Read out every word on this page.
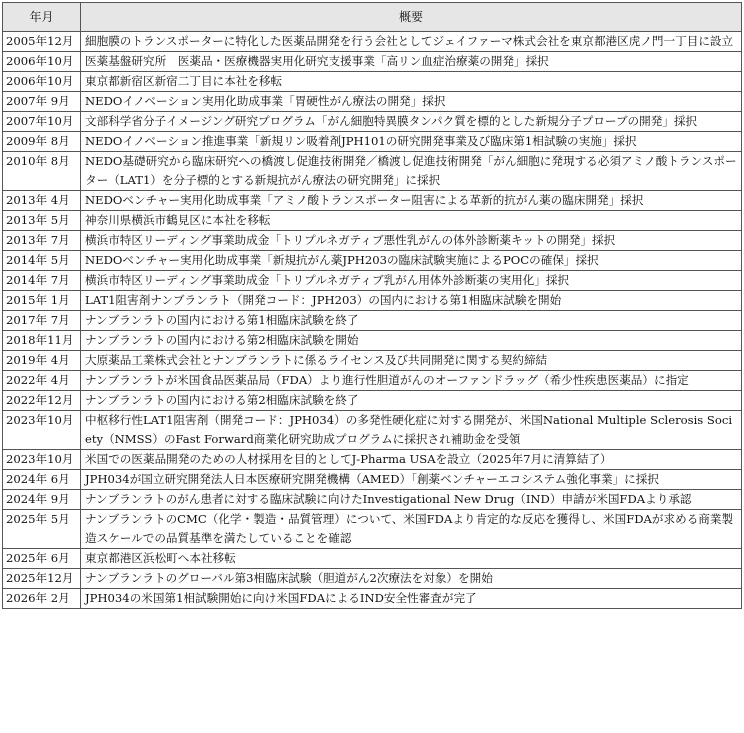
年月	概要
2005年12月	細胞膜のトランスポーターに特化した医薬品開発を行う会社としてジェイファーマ株式会社を東京都港区虎ノ門一丁目に設立
2006年10月	医薬基盤研究所　医薬品・医療機器実用化研究支援事業「高リン血症治療薬の開発」採択
2006年10月	東京都新宿区新宿二丁目に本社を移転
2007年 9月	NEDOイノベーション実用化助成事業「胃硬性がん療法の開発」採択
2007年10月	文部科学省分子イメージング研究プログラム「がん細胞特異膜タンパク質を標的とした新規分子プローブの開発」採択
2009年 8月	NEDOイノベーション推進事業「新規リン吸着剤JPH101の研究開発事業及び臨床第1相試験の実施」採択
2010年 8月	NEDO基礎研究から臨床研究への橋渡し促進技術開発／橋渡し促進技術開発「がん細胞に発現する必須アミノ酸トランスポーター（LAT1）を分子標的とする新規抗がん療法の研究開発」に採択
2013年 4月	NEDOベンチャー実用化助成事業「アミノ酸トランスポーター阻害による革新的抗がん薬の臨床開発」採択
2013年 5月	神奈川県横浜市鶴見区に本社を移転
2013年 7月	横浜市特区リーディング事業助成金「トリプルネガティブ悪性乳がんの体外診断薬キットの開発」採択
2014年 5月	NEDOベンチャー実用化助成事業「新規抗がん薬JPH203の臨床試験実施によるPOCの確保」採択
2014年 7月	横浜市特区リーディング事業助成金「トリプルネガティブ乳がん用体外診断薬の実用化」採択
2015年 1月	LAT1阻害剤ナンブランラト（開発コード：JPH203）の国内における第1相臨床試験を開始
2017年 7月	ナンブランラトの国内における第1相臨床試験を終了
2018年11月	ナンブランラトの国内における第2相臨床試験を開始
2019年 4月	大原薬品工業株式会社とナンブランラトに係るライセンス及び共同開発に関する契約締結
2022年 4月	ナンブランラトが米国食品医薬品局（FDA）より進行性胆道がんのオーファンドラッグ（希少性疾患医薬品）に指定
2022年12月	ナンブランラトの国内における第2相臨床試験を終了
2023年10月	中枢移行性LAT1阻害剤（開発コード：JPH034）の多発性硬化症に対する開発が、米国National Multiple Sclerosis Society（NMSS）のFast Forward商業化研究助成プログラムに採択され補助金を受領
2023年10月	米国での医薬品開発のための人材採用を目的としてJ-Pharma USAを設立（2025年7月に清算結了）
2024年 6月	JPH034が国立研究開発法人日本医療研究開発機構（AMED）「創薬ベンチャーエコシステム強化事業」に採択
2024年 9月	ナンブランラトのがん患者に対する臨床試験に向けたInvestigational New Drug（IND）申請が米国FDAより承認
2025年 5月	ナンブランラトのCMC（化学・製造・品質管理）について、米国FDAより肯定的な反応を獲得し、米国FDAが求める商業製造スケールでの品質基準を満たしていることを確認
2025年 6月	東京都港区浜松町へ本社移転
2025年12月	ナンブランラトのグローバル第3相臨床試験（胆道がん2次療法を対象）を開始
2026年 2月	JPH034の米国第1相試験開始に向け米国FDAによるIND安全性審査が完了
